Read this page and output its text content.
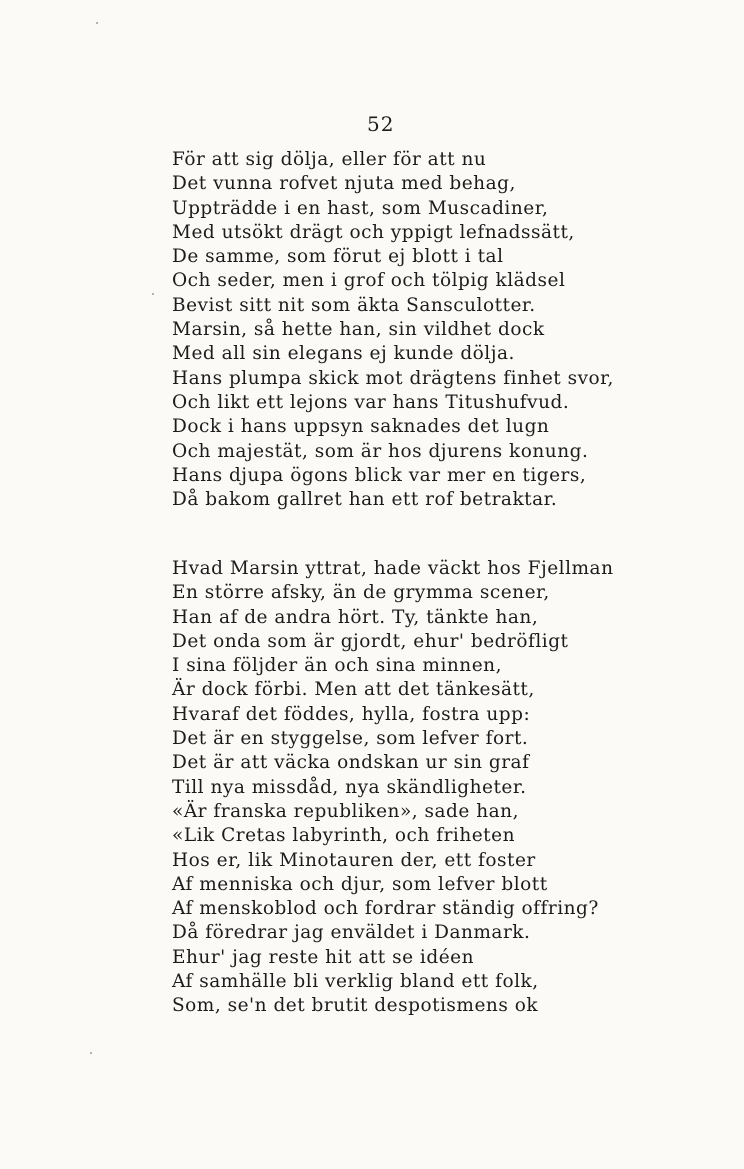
52
För att sig dölja, eller för att nu
Det vunna rofvet njuta med behag,
Uppträdde i en hast, som Muscadiner,
Med utsökt drägt och yppigt lefnadssätt,
De samme, som förut ej blott i tal
Och seder, men i grof och tölpig klädsel
Bevist sitt nit som äkta Sansculotter.
Marsin, så hette han, sin vildhet dock
Med all sin elegans ej kunde dölja.
Hans plumpa skick mot drägtens finhet svor,
Och likt ett lejons var hans Titushufvud.
Dock i hans uppsyn saknades det lugn
Och majestät, som är hos djurens konung.
Hans djupa ögons blick var mer en tigers,
Då bakom gallret han ett rof betraktar.
Hvad Marsin yttrat, hade väckt hos Fjellman
En större afsky, än de grymma scener,
Han af de andra hört. Ty, tänkte han,
Det onda som är gjordt, ehur' bedröfligt
I sina följder än och sina minnen,
Är dock förbi. Men att det tänkesätt,
Hvaraf det föddes, hylla, fostra upp:
Det är en styggelse, som lefver fort.
Det är att väcka ondskan ur sin graf
Till nya missdåd, nya skändligheter.
«Är franska republiken», sade han,
«Lik Cretas labyrinth, och friheten
Hos er, lik Minotauren der, ett foster
Af menniska och djur, som lefver blott
Af menskoblod och fordrar ständig offring?
Då föredrar jag enväldet i Danmark.
Ehur' jag reste hit att se idéen
Af samhälle bli verklig bland ett folk,
Som, se'n det brutit despotismens ok
